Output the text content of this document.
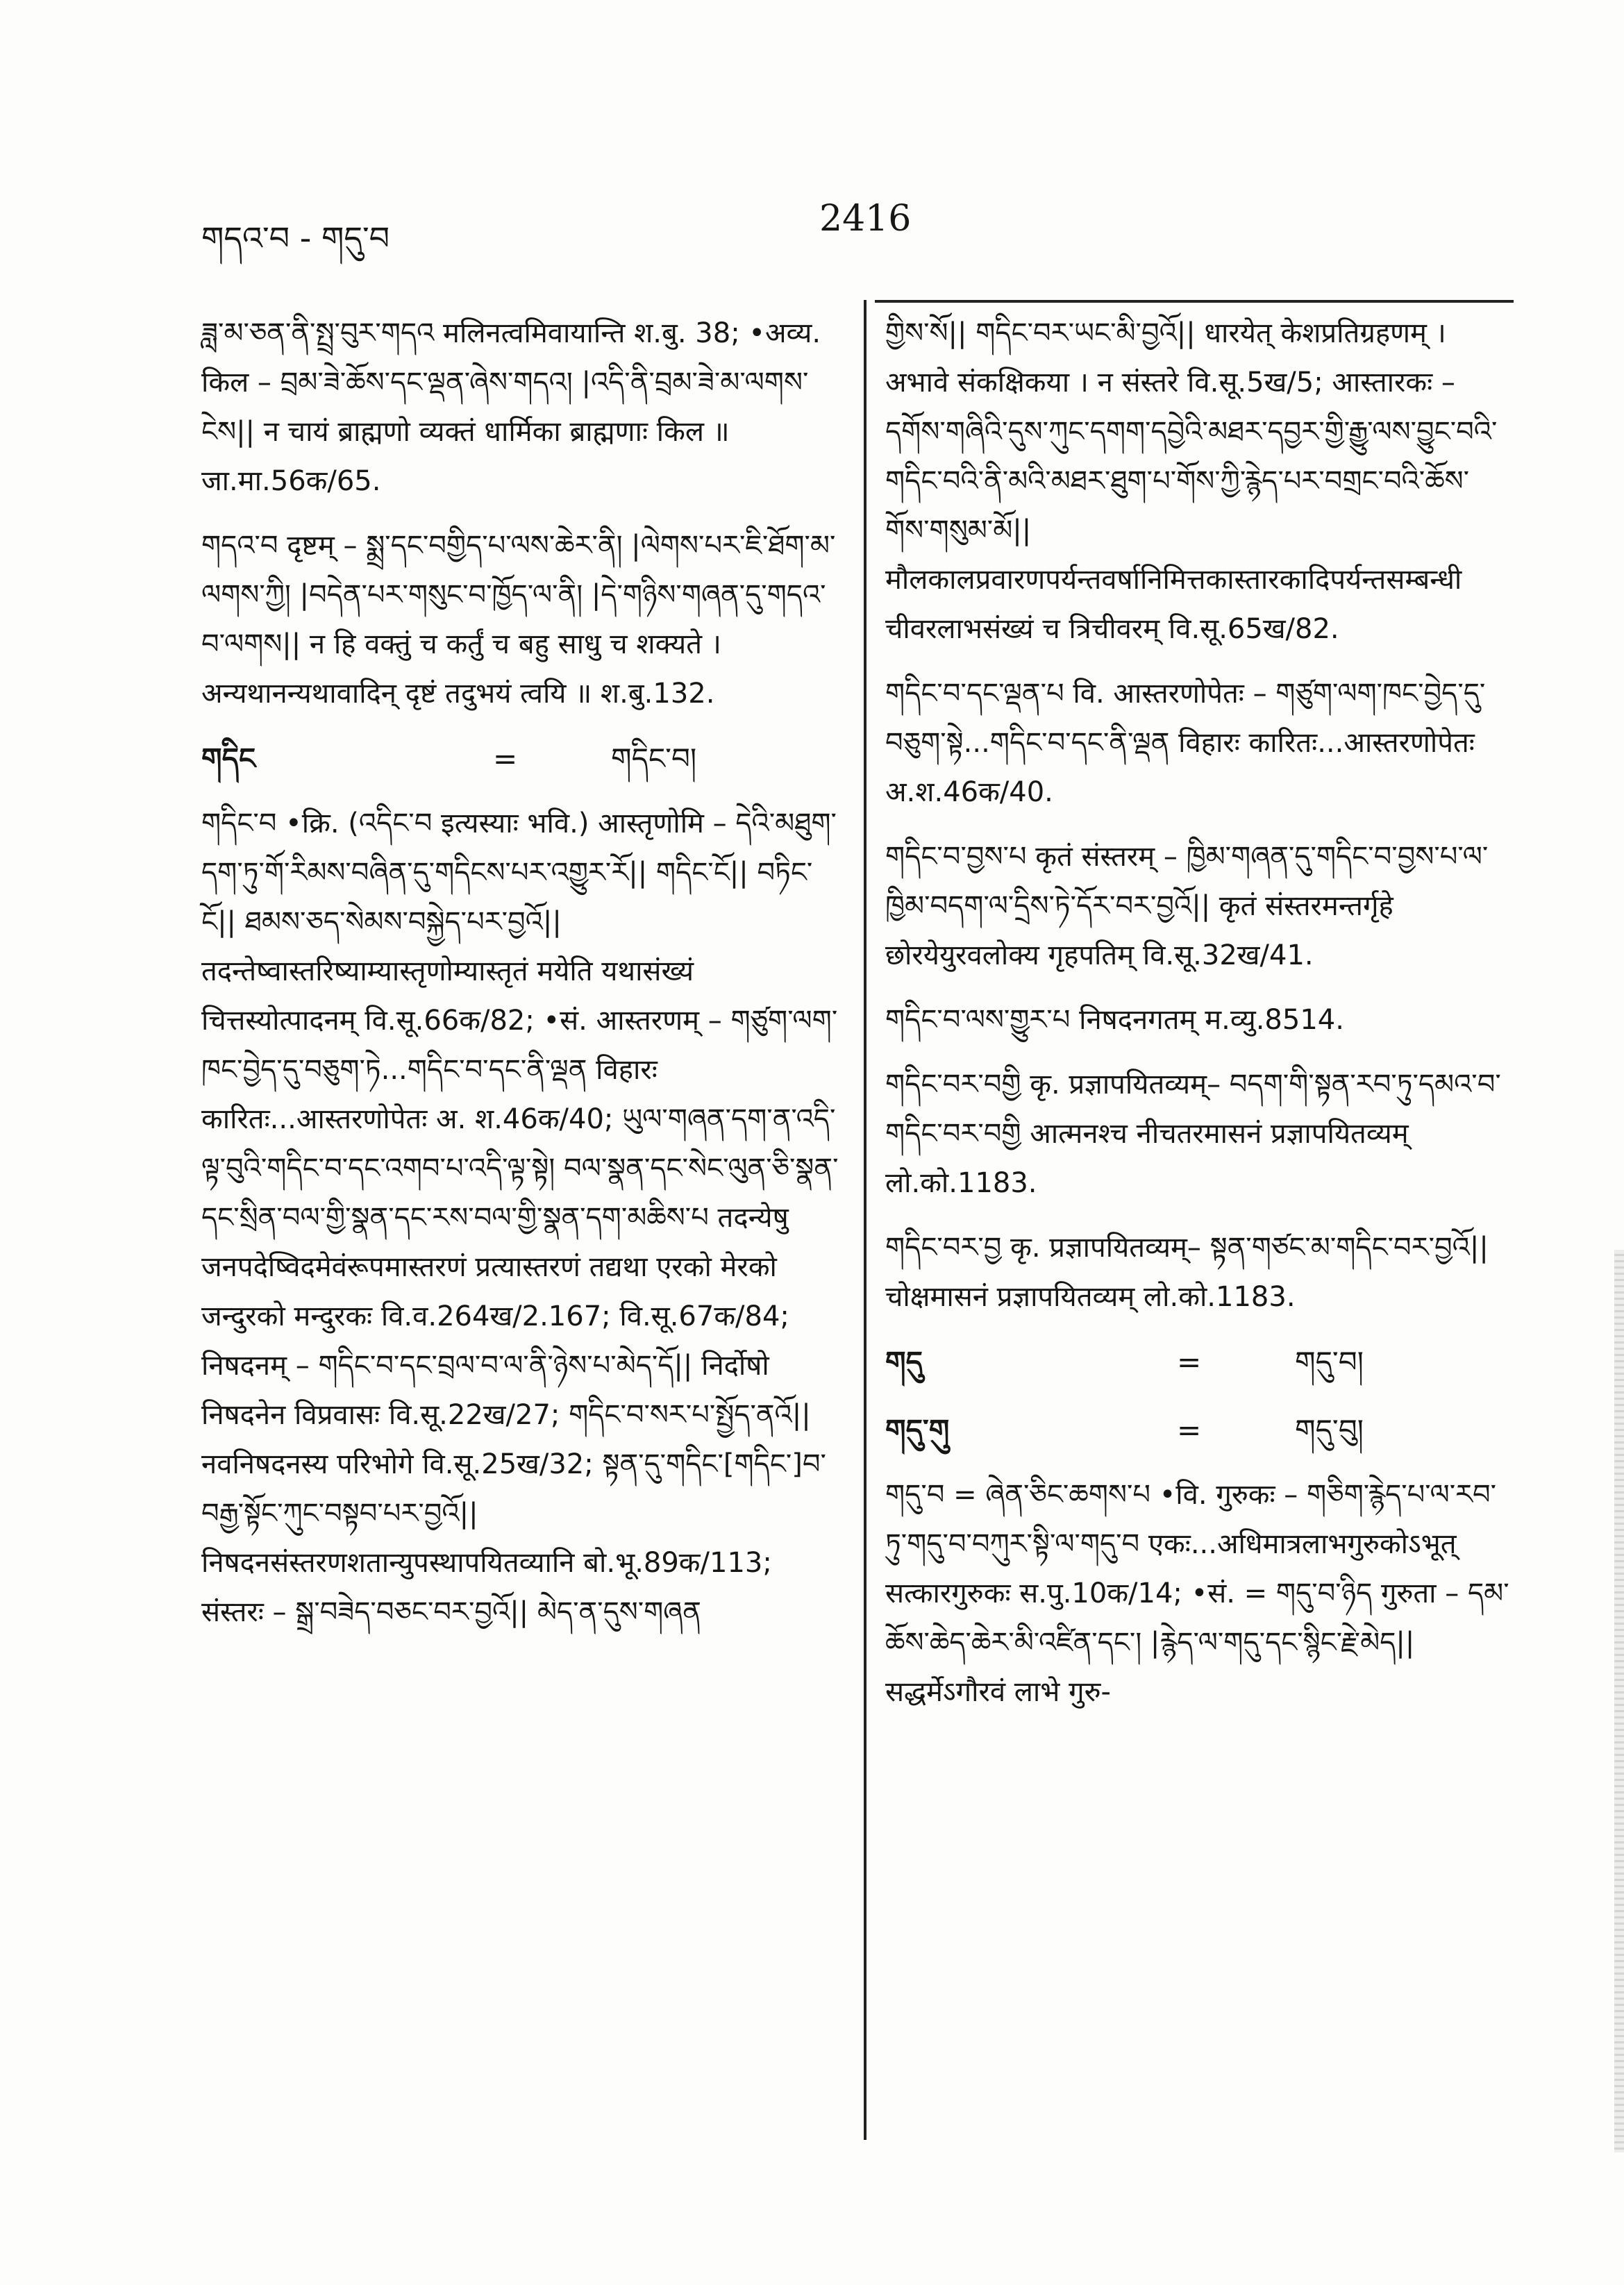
གདའ་བ - གདུ་བ	2416

ཟླ་མ་ཅན་ནི་སྤྲ་བུར་གདའ मलिनत्वमिवायान्ति श.बु. 38; •अव्य. किल – བྲམ་ཟེ་ཆོས་དང་ལྡན་ཞེས་གདའ། |འདི་ནི་བྲམ་ཟེ་མ་ལགས་ངེས|| न चायं ब्राह्मणो व्यक्तं धार्मिका ब्राह्मणाः किल ॥ जा.मा.56क/65.

གདའ་བ दृष्टम् – སྨྲ་དང་བགྱིད་པ་ལས་ཆེར་ནི། |ལེགས་པར་ཇི་ཐོག་མ་ལགས་ཀྱི། |བདེན་པར་གསུང་བ་ཁྱོད་ལ་ནི། |དེ་གཉིས་གཞན་དུ་གདའ་བ་ལགས|| न हि वक्तुं च कर्तुं च बहु साधु च शक्यते । अन्यथानन्यथावादिन् दृष्टं तदुभयं त्वयि ॥ श.बु.132.

གདིང	=	གདིང་བ།

གདིང་བ •क्रि. (འདིང་བ इत्यस्याः भवि.) आस्तृणोमि – དེའི་མཐུག་དག་ཏུ་གོ་རིམས་བཞིན་དུ་གདིངས་པར་འགྱུར་རོ|| གདིང་ངོ|| བཏིང་ངོ|| ཐམས་ཅད་སེམས་བསྐྱེད་པར་བྱའོ|| तदन्तेष्वास्तरिष्याम्यास्तृणोम्यास्तृतं मयेति यथासंख्यं चित्तस्योत्पादनम् वि.सू.66क/82; •सं. आस्तरणम् – གཙུག་ལག་ཁང་བྱེད་དུ་བཅུག་ཏེ...གདིང་བ་དང་ནི་ལྡན विहारः कारितः...आस्तरणोपेतः अ. श.46क/40; ཡུལ་གཞན་དག་ན་འདི་ལྟ་བུའི་གདིང་བ་དང་འགབ་པ་འདི་ལྟ་སྟེ། བལ་སྣན་དང་སེང་ལུན་ཅི་སྣན་དང་སྲིན་བལ་གྱི་སྣན་དང་རས་བལ་གྱི་སྣན་དག་མཆིས་པ तदन्येषु जनपदेष्विदमेवंरूपमास्तरणं प्रत्यास्तरणं तद्यथा एरको मेरको जन्दुरको मन्दुरकः वि.व.264ख/2.167; वि.सू.67क/84; निषदनम् – གདིང་བ་དང་བྲལ་བ་ལ་ནི་ཉེས་པ་མེད་དོ|| निर्दोषो निषदनेन विप्रवासः वि.सू.22ख/27; གདིང་བ་སར་པ་སྤྱོད་ནའོ|| नवनिषदनस्य परिभोगे वि.सू.25ख/32; སྟན་དུ་གདིང་[གདིང་]བ་བརྒྱ་སྟོང་ཀུང་བསྟབ་པར་བྱའོ|| निषदनसंस्तरणशतान्युपस्थापयितव्यानि बो.भू.89क/113; संस्तरः – སྒྲ་བཟེད་བཅང་བར་བྱའོ|| མེད་ན་དུས་གཞན

གྱིས་སོ|| གདིང་བར་ཡང་མི་བྱའོ|| धारयेत् केशप्रतिग्रहणम् । अभावे संकक्षिकया । न संस्तरे वि.सू.5ख/5; आस्तारकः – དགོས་གཞིའི་དུས་ཀུང་དགག་དབྱེའི་མཐར་དབྱར་གྱི་རྒྱུ་ལས་བྱུང་བའི་གདིང་བའི་ནི་མའི་མཐར་ཐུག་པ་གོས་ཀྱི་རྙེད་པར་བགྲང་བའི་ཆོས་གོས་གསུམ་མོ|| मौलकालप्रवारणपर्यन्तवर्षानिमित्तकास्तारकादिपर्यन्तसम्बन्धी चीवरलाभसंख्यं च त्रिचीवरम् वि.सू.65ख/82.

གདིང་བ་དང་ལྡན་པ वि. आस्तरणोपेतः – གཙུག་ལག་ཁང་བྱེད་དུ་བཅུག་སྟེ...གདིང་བ་དང་ནི་ལྡན विहारः कारितः...आस्तरणोपेतः अ.श.46क/40.

གདིང་བ་བྱས་པ कृतं संस्तरम् – ཁྱིམ་གཞན་དུ་གདིང་བ་བྱས་པ་ལ་ཁྱིམ་བདག་ལ་དྲིས་ཏེ་དོར་བར་བྱའོ|| कृतं संस्तरमन्तर्गृहे छोरयेयुरवलोक्य गृहपतिम् वि.सू.32ख/41.

གདིང་བ་ལས་གྱུར་པ निषदनगतम् म.व्यु.8514.

གདིང་བར་བགྱི कृ. प्रज्ञापयितव्यम्– བདག་གི་སྟན་རབ་ཏུ་དམའ་བ་གདིང་བར་བགྱི आत्मनश्च नीचतरमासनं प्रज्ञापयितव्यम् लो.को.1183.

གདིང་བར་བྱ कृ. प्रज्ञापयितव्यम्– སྟན་གཙང་མ་གདིང་བར་བྱའོ|| चोक्षमासनं प्रज्ञापयितव्यम् लो.को.1183.

གདུ	=	གདུ་བ།
གདུ་གུ	=	གདུ་བུ།

གདུ་བ = ཞེན་ཅིང་ཆགས་པ •वि. गुरुकः – གཅིག་རྙེད་པ་ལ་རབ་ཏུ་གདུ་བ་བཀུར་སྟི་ལ་གདུ་བ एकः...अधिमात्रलाभगुरुकोऽभूत् सत्कारगुरुकः स.पु.10क/14; •सं. = གདུ་བ་ཉིད गुरुता – དམ་ཆོས་ཆེད་ཆེར་མི་འཛིན་དང་། |རྙེད་ལ་གདུ་དང་སྙིང་རྗེ་མེད|| सद्धर्मेऽगौरवं लाभे गुरु-
